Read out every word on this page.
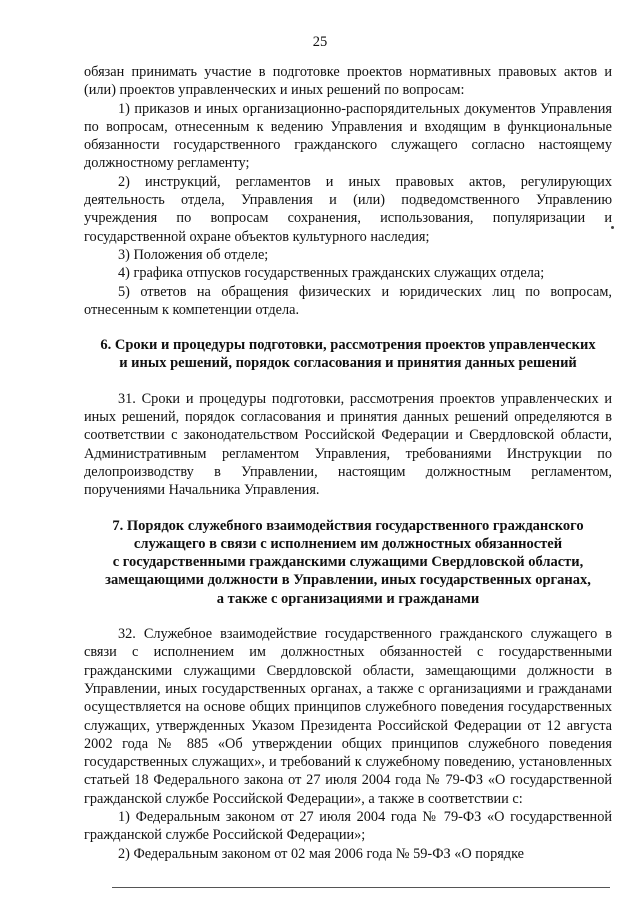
25

обязан принимать участие в подготовке проектов нормативных правовых актов и (или) проектов управленческих и иных решений по вопросам:

1) приказов и иных организационно-распорядительных документов Управления по вопросам, отнесенным к ведению Управления и входящим в функциональные обязанности государственного гражданского служащего согласно настоящему должностному регламенту;

2) инструкций, регламентов и иных правовых актов, регулирующих деятельность отдела, Управления и (или) подведомственного Управлению учреждения по вопросам сохранения, использования, популяризации и государственной охране объектов культурного наследия;

3) Положения об отделе;

4) графика отпусков государственных гражданских служащих отдела;

5) ответов на обращения физических и юридических лиц по вопросам, отнесенным к компетенции отдела.

6. Сроки и процедуры подготовки, рассмотрения проектов управленческих
и иных решений, порядок согласования и принятия данных решений

31. Сроки и процедуры подготовки, рассмотрения проектов управленческих и иных решений, порядок согласования и принятия данных решений определяются в соответствии с законодательством Российской Федерации и Свердловской области, Административным регламентом Управления, требованиями Инструкции по делопроизводству в Управлении, настоящим должностным регламентом, поручениями Начальника Управления.

7. Порядок служебного взаимодействия государственного гражданского
служащего в связи с исполнением им должностных обязанностей
с государственными гражданскими служащими Свердловской области,
замещающими должности в Управлении, иных государственных органах,
а также с организациями и гражданами

32. Служебное взаимодействие государственного гражданского служащего в связи с исполнением им должностных обязанностей с государственными гражданскими служащими Свердловской области, замещающими должности в Управлении, иных государственных органах, а также с организациями и гражданами осуществляется на основе общих принципов служебного поведения государственных служащих, утвержденных Указом Президента Российской Федерации от 12 августа 2002 года № 885 «Об утверждении общих принципов служебного поведения государственных служащих», и требований к служебному поведению, установленных статьей 18 Федерального закона от 27 июля 2004 года № 79-ФЗ «О государственной гражданской службе Российской Федерации», а также в соответствии с:

1) Федеральным законом от 27 июля 2004 года № 79-ФЗ «О государственной гражданской службе Российской Федерации»;

2) Федеральным законом от 02 мая 2006 года № 59-ФЗ «О порядке
